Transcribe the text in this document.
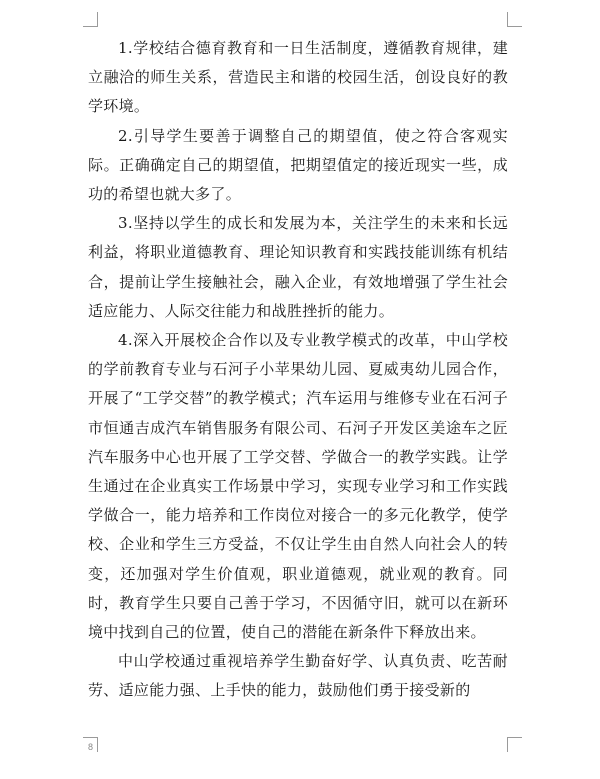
1.学校结合德育教育和一日生活制度，遵循教育规律，建立融洽的师生关系，营造民主和谐的校园生活，创设良好的教学环境。

2.引导学生要善于调整自己的期望值，使之符合客观实际。正确确定自己的期望值，把期望值定的接近现实一些，成功的希望也就大多了。

3.坚持以学生的成长和发展为本，关注学生的未来和长远利益，将职业道德教育、理论知识教育和实践技能训练有机结合，提前让学生接触社会，融入企业，有效地增强了学生社会适应能力、人际交往能力和战胜挫折的能力。

4.深入开展校企合作以及专业教学模式的改革，中山学校的学前教育专业与石河子小苹果幼儿园、夏威夷幼儿园合作，开展了“工学交替”的教学模式；汽车运用与维修专业在石河子市恒通吉成汽车销售服务有限公司、石河子开发区美途车之匠汽车服务中心也开展了工学交替、学做合一的教学实践。让学生通过在企业真实工作场景中学习，实现专业学习和工作实践学做合一，能力培养和工作岗位对接合一的多元化教学，使学校、企业和学生三方受益，不仅让学生由自然人向社会人的转变，还加强对学生价值观，职业道德观，就业观的教育。同时，教育学生只要自己善于学习，不因循守旧，就可以在新环境中找到自己的位置，使自己的潜能在新条件下释放出来。

中山学校通过重视培养学生勤奋好学、认真负责、吃苦耐劳、适应能力强、上手快的能力，鼓励他们勇于接受新的

8
